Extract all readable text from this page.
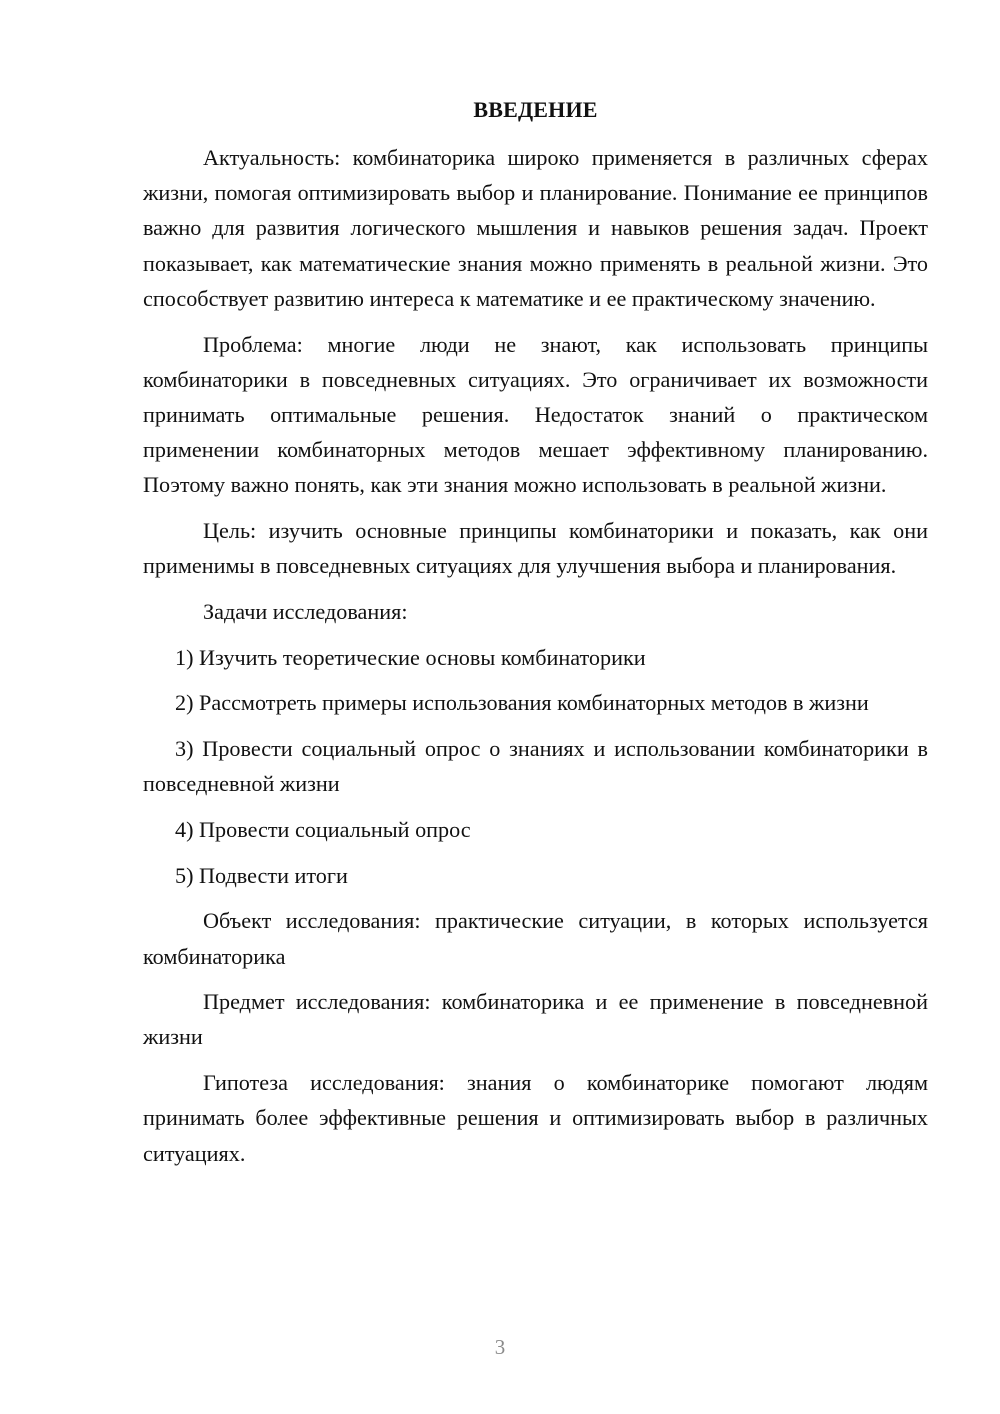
ВВЕДЕНИЕ

Актуальность: комбинаторика широко применяется в различных сферах жизни, помогая оптимизировать выбор и планирование. Понимание ее принципов важно для развития логического мышления и навыков решения задач. Проект показывает, как математические знания можно применять в реальной жизни. Это способствует развитию интереса к математике и ее практическому значению.

Проблема: многие люди не знают, как использовать принципы комбинаторики в повседневных ситуациях. Это ограничивает их возможности принимать оптимальные решения. Недостаток знаний о практическом применении комбинаторных методов мешает эффективному планированию. Поэтому важно понять, как эти знания можно использовать в реальной жизни.

Цель: изучить основные принципы комбинаторики и показать, как они применимы в повседневных ситуациях для улучшения выбора и планирования.

Задачи исследования:

1) Изучить теоретические основы комбинаторики

2) Рассмотреть примеры использования комбинаторных методов в жизни

3) Провести социальный опрос о знаниях и использовании комбинаторики в повседневной жизни

4) Провести социальный опрос

5) Подвести итоги

Объект исследования: практические ситуации, в которых используется комбинаторика

Предмет исследования: комбинаторика и ее применение в повседневной жизни

Гипотеза исследования: знания о комбинаторике помогают людям принимать более эффективные решения и оптимизировать выбор в различных ситуациях.

3
